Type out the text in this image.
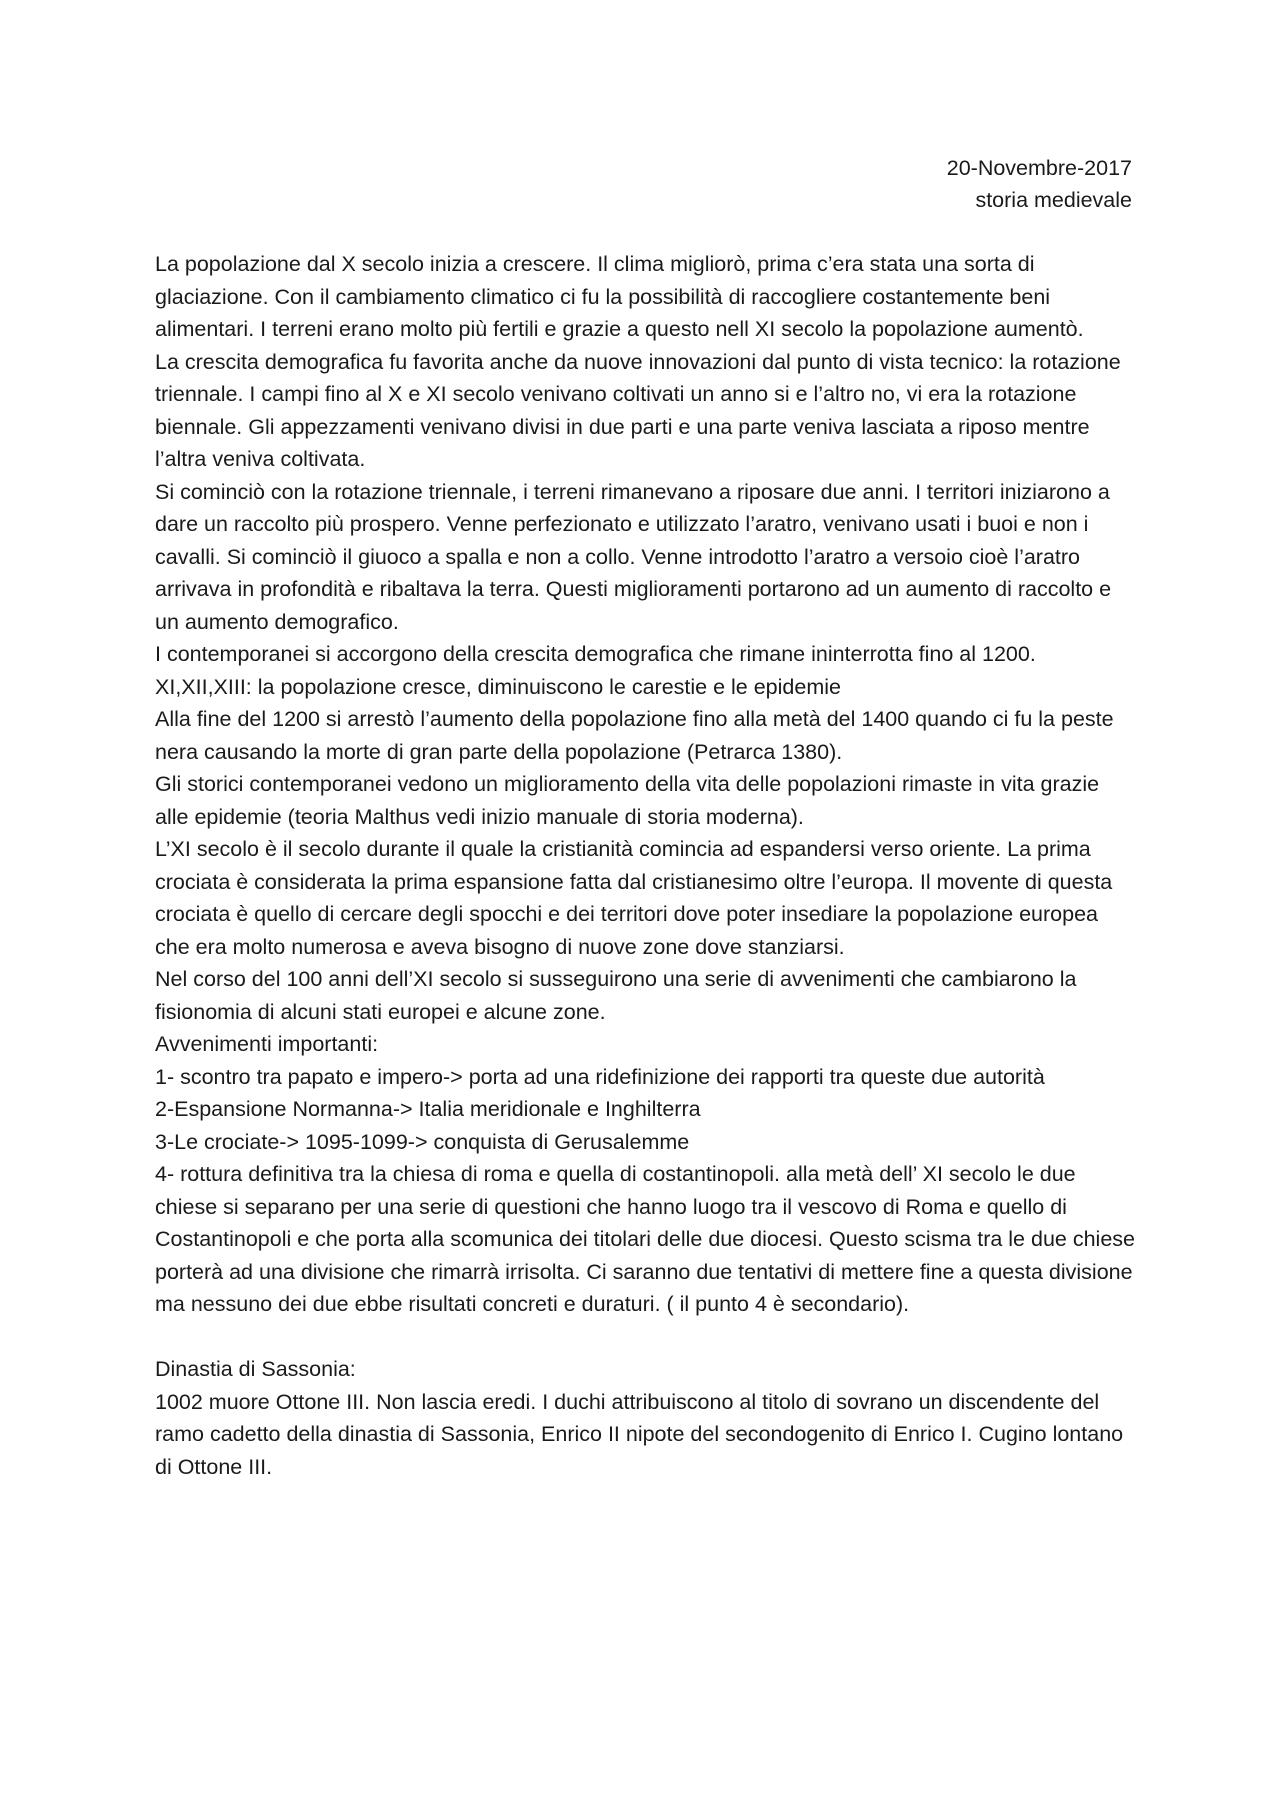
20-Novembre-2017
storia medievale

La popolazione dal X secolo inizia a crescere. Il clima migliorò, prima c’era stata una sorta di glaciazione. Con il cambiamento climatico ci fu la possibilità di raccogliere costantemente beni alimentari. I terreni erano molto più fertili e grazie a questo nell XI secolo la popolazione aumentò.

La crescita demografica fu favorita anche da nuove innovazioni dal punto di vista tecnico: la rotazione triennale. I campi fino al X e XI secolo venivano coltivati un anno si e l’altro no, vi era la rotazione biennale. Gli appezzamenti venivano divisi in due parti e una parte veniva lasciata a riposo mentre l’altra veniva coltivata.

Si cominciò con la rotazione triennale, i terreni rimanevano a riposare due anni. I territori iniziarono a dare un raccolto più prospero. Venne perfezionato e utilizzato l’aratro, venivano usati i buoi e non i cavalli. Si cominciò il giuoco a spalla e non a collo. Venne introdotto l’aratro a versoio cioè l’aratro arrivava in profondità e ribaltava la terra. Questi miglioramenti portarono ad un aumento di raccolto e un aumento demografico.

I contemporanei si accorgono della crescita demografica che rimane ininterrotta fino al 1200.

XI,XII,XIII: la popolazione cresce, diminuiscono le carestie e le epidemie

Alla fine del 1200 si arrestò l’aumento della popolazione fino alla metà del 1400 quando ci fu la peste nera causando la morte di gran parte della popolazione (Petrarca 1380).

Gli storici contemporanei vedono un miglioramento della vita delle popolazioni rimaste in vita grazie alle epidemie (teoria Malthus vedi inizio manuale di storia moderna).

L’XI secolo è il secolo durante il quale la cristianità comincia ad espandersi verso oriente. La prima crociata è considerata la prima espansione fatta dal cristianesimo oltre l’europa. Il movente di questa crociata è quello di cercare degli spocchi e dei territori dove poter insediare la popolazione europea che era molto numerosa e aveva bisogno di nuove zone dove stanziarsi.

Nel corso del 100 anni dell’XI secolo si susseguirono una serie di avvenimenti che cambiarono la fisionomia di alcuni stati europei e alcune zone.

Avvenimenti importanti:

1- scontro tra papato e impero-> porta ad una ridefinizione dei rapporti tra queste due autorità

2-Espansione Normanna-> Italia meridionale e Inghilterra

3-Le crociate-> 1095-1099-> conquista di Gerusalemme

4- rottura definitiva tra la chiesa di roma e quella di costantinopoli. alla metà dell’ XI secolo le due chiese si separano per una serie di questioni che hanno luogo tra il vescovo di Roma e quello di Costantinopoli e che porta alla scomunica dei titolari delle due diocesi. Questo scisma tra le due chiese porterà ad una divisione che rimarrà irrisolta. Ci saranno due tentativi di mettere fine a questa divisione ma nessuno dei due ebbe risultati concreti e duraturi. ( il punto 4 è secondario).

Dinastia di Sassonia:

1002 muore Ottone III. Non lascia eredi. I duchi attribuiscono al titolo di sovrano un discendente del ramo cadetto della dinastia di Sassonia, Enrico II nipote del secondogenito di Enrico I. Cugino lontano di Ottone III.
